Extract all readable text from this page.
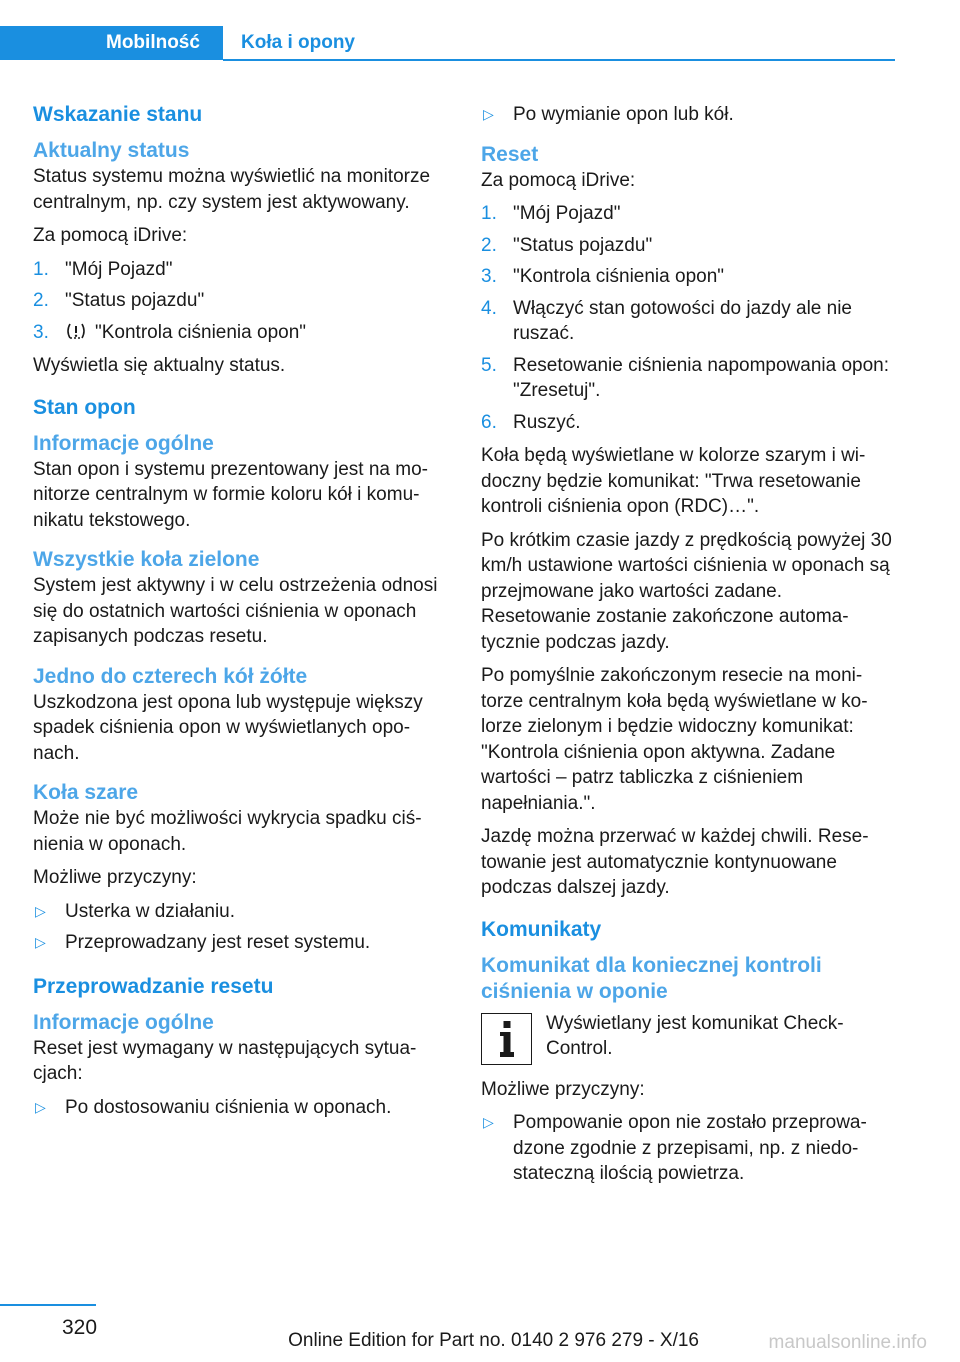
Mobilność	Koła i opony
Wskazanie stanu
Aktualny status

Status systemu można wyświetlić na monitorze centralnym, np. czy system jest aktywowany.

Za pomocą iDrive:

1. "Mój Pojazd"
2. "Status pojazdu"
3. "Kontrola ciśnienia opon"

Wyświetla się aktualny status.

Stan opon
Informacje ogólne

Stan opon i systemu prezentowany jest na monitorze centralnym w formie koloru kół i komunikatu tekstowego.

Wszystkie koła zielone

System jest aktywny i w celu ostrzeżenia odnosi się do ostatnich wartości ciśnienia w oponach zapisanych podczas resetu.

Jedno do czterech kół żółte

Uszkodzona jest opona lub występuje większy spadek ciśnienia opon w wyświetlanych oponach.

Koła szare

Może nie być możliwości wykrycia spadku ciśnienia w oponach.

Możliwe przyczyny:

▷ Usterka w działaniu.
▷ Przeprowadzany jest reset systemu.
Przeprowadzanie resetu
Informacje ogólne

Reset jest wymagany w następujących sytuacjach:

▷ Po dostosowaniu ciśnienia w oponach.
▷ Po wymianie opon lub kół.
Reset

Za pomocą iDrive:

1. "Mój Pojazd"
2. "Status pojazdu"
3. "Kontrola ciśnienia opon"
4. Włączyć stan gotowości do jazdy ale nie ruszać.
5. Resetowanie ciśnienia napompowania opon: "Zresetuj".
6. Ruszyć.

Koła będą wyświetlane w kolorze szarym i widoczny będzie komunikat: "Trwa resetowanie kontroli ciśnienia opon (RDC)…".

Po krótkim czasie jazdy z prędkością powyżej 30 km/h ustawione wartości ciśnienia w oponach są przejmowane jako wartości zadane. Resetowanie zostanie zakończone automatycznie podczas jazdy.

Po pomyślnie zakończonym resecie na monitorze centralnym koła będą wyświetlane w kolorze zielonym i będzie widoczny komunikat: "Kontrola ciśnienia opon aktywna. Zadane wartości – patrz tabliczka z ciśnieniem napełniania.".

Jazdę można przerwać w każdej chwili. Resetowanie jest automatycznie kontynuowane podczas dalszej jazdy.

Komunikaty
Komunikat dla koniecznej kontroli ciśnienia w oponie
Wyświetlany jest komunikat Check-Control.

Możliwe przyczyny:

▷ Pompowanie opon nie zostało przeprowadzone zgodnie z przepisami, np. z niedostateczną ilością powietrza.
320
Online Edition for Part no. 0140 2 976 279 - X/16	manualsonline.info
